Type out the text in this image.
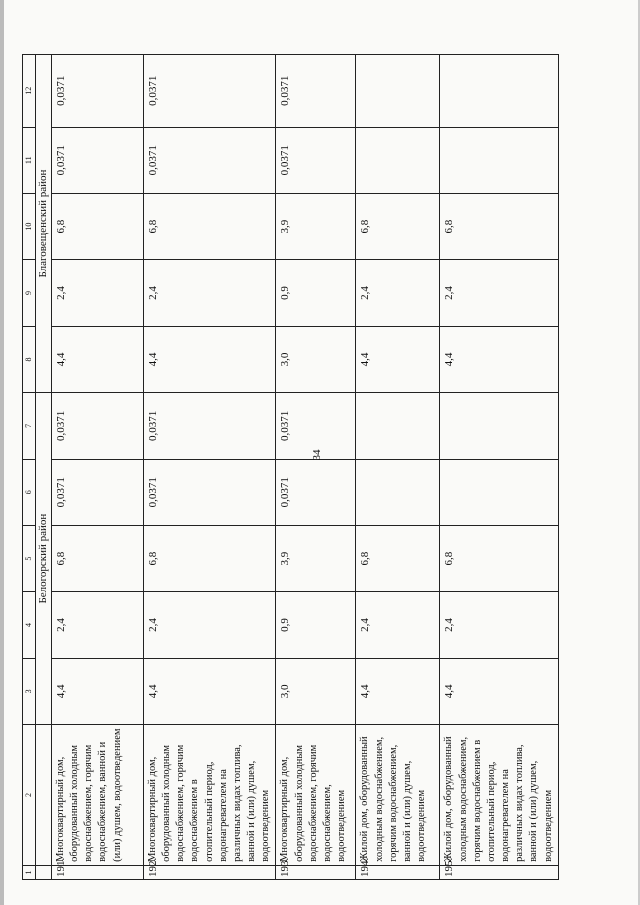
1	2	3	4	5	6	7	8	9	10	11	12
		Белогорский район					Благовещенский район				
191.	Многоквартирный дом, оборудованный холодным водоснабжением, горячим водоснабжением, ванной и (или) душем, водоотведением	4,4	2,4	6,8	0,0371	0,0371	4,4	2,4	6,8	0,0371	0,0371
192.	Многоквартирный дом, оборудованный холодным водоснабжением, горячим водоснабжением в отопительный период, водонагревателем на различных видах топлива, ванной и (или) душем, водоотведением	4,4	2,4	6,8	0,0371	0,0371	4,4	2,4	6,8	0,0371	0,0371
193.	Многоквартирный дом, оборудованный холодным водоснабжением, горячим водоснабжением, водоотведением	3,0	0,9	3,9	0,0371	0,0371	3,0	0,9	3,9	0,0371	0,0371
194.	Жилой дом, оборудованный холодным водоснабжением, горячим водоснабжением, ванной и (или) душем, водоотведением	4,4	2,4	6,8			4,4	2,4	6,8		
195.	Жилой дом, оборудованный холодным водоснабжением, горячим водоснабжением в отопительный период, водонагревателем на различных видах топлива, ванной и (или) душем, водоотведением	4,4	2,4	6,8			4,4	2,4	6,8		
34
